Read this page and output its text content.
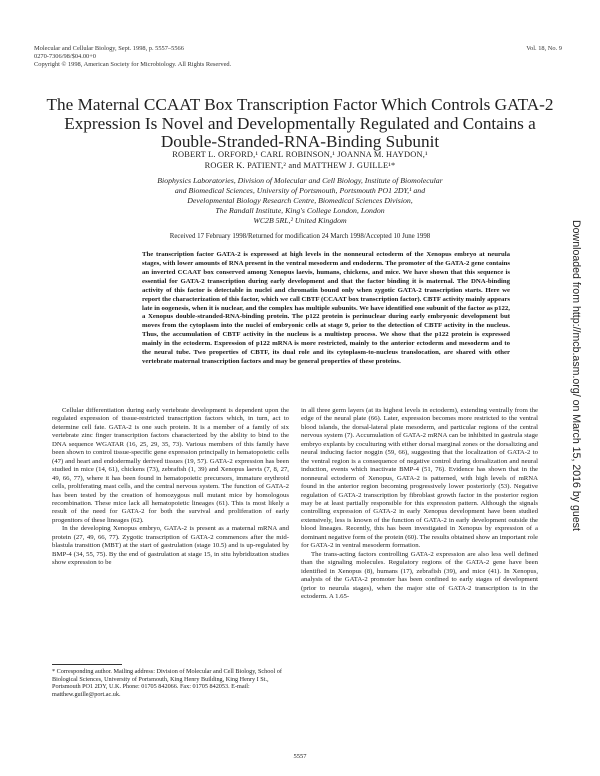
Molecular and Cellular Biology, Sept. 1998, p. 5557–5566
0270-7306/98/$04.00+0
Copyright © 1998, American Society for Microbiology. All Rights Reserved.
Vol. 18, No. 9
The Maternal CCAAT Box Transcription Factor Which Controls GATA-2 Expression Is Novel and Developmentally Regulated and Contains a Double-Stranded-RNA-Binding Subunit
ROBERT L. ORFORD,¹ CARL ROBINSON,¹ JOANNA M. HAYDON,¹
ROGER K. PATIENT,² and MATTHEW J. GUILLE¹*
Biophysics Laboratories, Division of Molecular and Cell Biology, Institute of Biomolecular
and Biomedical Sciences, University of Portsmouth, Portsmouth PO1 2DY,¹ and
Developmental Biology Research Centre, Biomedical Sciences Division,
The Randall Institute, King's College London, London
WC2B 5RL,² United Kingdom
Received 17 February 1998/Returned for modification 24 March 1998/Accepted 10 June 1998
The transcription factor GATA-2 is expressed at high levels in the nonneural ectoderm of the Xenopus embryo at neurula stages, with lower amounts of RNA present in the ventral mesoderm and endoderm. The promoter of the GATA-2 gene contains an inverted CCAAT box conserved among Xenopus laevis, humans, chickens, and mice. We have shown that this sequence is essential for GATA-2 transcription during early development and that the factor binding it is maternal. The DNA-binding activity of this factor is detectable in nuclei and chromatin bound only when zygotic GATA-2 transcription starts. Here we report the characterization of this factor, which we call CBTF (CCAAT box transcription factor). CBTF activity mainly appears late in oogenesis, when it is nuclear, and the complex has multiple subunits. We have identified one subunit of the factor as p122, a Xenopus double-stranded-RNA-binding protein. The p122 protein is perinuclear during early embryonic development but moves from the cytoplasm into the nuclei of embryonic cells at stage 9, prior to the detection of CBTF activity in the nucleus. Thus, the accumulation of CBTF activity in the nucleus is a multistep process. We show that the p122 protein is expressed mainly in the ectoderm. Expression of p122 mRNA is more restricted, mainly to the anterior ectoderm and mesoderm and to the neural tube. Two properties of CBTF, its dual role and its cytoplasm-to-nucleus translocation, are shared with other vertebrate maternal transcription factors and may be general properties of these proteins.

Cellular differentiation during early vertebrate development is dependent upon the regulated expression of tissue-restricted transcription factors which, in turn, act to determine cell fate. GATA-2 is one such protein. It is a member of a family of six vertebrate zinc finger transcription factors characterized by the ability to bind to the DNA sequence WGATAR (16, 25, 29, 35, 73). Various members of this family have been shown to control tissue-specific gene expression principally in hematopoietic cells (47) and heart and endodermally derived tissues (19, 57). GATA-2 expression has been studied in mice (14, 61), chickens (73), zebrafish (1, 39) and Xenopus laevis (7, 8, 27, 49, 66, 77), where it has been found in hematopoietic precursors, immature erythroid cells, proliferating mast cells, and the central nervous system. The function of GATA-2 has been tested by the creation of homozygous null mutant mice by homologous recombination. These mice lack all hematopoietic lineages (61). This is most likely a result of the need for GATA-2 for both the survival and proliferation of early progenitors of these lineages (62).

In the developing Xenopus embryo, GATA-2 is present as a maternal mRNA and protein (27, 49, 66, 77). Zygotic transcription of GATA-2 commences after the mid-blastula transition (MBT) at the start of gastrulation (stage 10.5) and is up-regulated by BMP-4 (34, 55, 75). By the end of gastrulation at stage 15, in situ hybridization studies show expression to be

in all three germ layers (at its highest levels in ectoderm), extending ventrally from the edge of the neural plate (66). Later, expression becomes more restricted to the ventral blood islands, the dorsal-lateral plate mesoderm, and particular regions of the central nervous system (7). Accumulation of GATA-2 mRNA can be inhibited in gastrula stage embryo explants by coculturing with either dorsal marginal zones or the dorsalizing and neural inducing factor noggin (59, 66), suggesting that the localization of GATA-2 to the ventral region is a consequence of negative control during dorsalization and neural induction, events which inactivate BMP-4 (51, 76). Evidence has shown that in the nonneural ectoderm of Xenopus, GATA-2 is patterned, with high levels of mRNA found in the anterior region becoming progressively lower posteriorly (53). Negative regulation of GATA-2 transcription by fibroblast growth factor in the posterior region may be at least partially responsible for this expression pattern. Although the signals controlling expression of GATA-2 in early Xenopus development have been studied extensively, less is known of the function of GATA-2 in early development outside the blood lineages. Recently, this has been investigated in Xenopus by expression of a dominant negative form of the protein (60). The results obtained show an important role for GATA-2 in ventral mesoderm formation.

The trans-acting factors controlling GATA-2 expression are also less well defined than the signaling molecules. Regulatory regions of the GATA-2 gene have been identified in Xenopus (8), humans (17), zebrafish (39), and mice (41). In Xenopus, analysis of the GATA-2 promoter has been confined to early stages of development (prior to neurula stages), when the major site of GATA-2 transcription is in the ectoderm. A 1.65-

* Corresponding author. Mailing address: Division of Molecular and Cell Biology, School of Biological Sciences, University of Portsmouth, King Henry Building, King Henry I St., Portsmouth PO1 2DY, U.K. Phone: 01705 842066. Fax: 01705 842053. E-mail: matthew.guille@port.ac.uk.
5557
Downloaded from http://mcb.asm.org/ on March 15, 2016 by guest
